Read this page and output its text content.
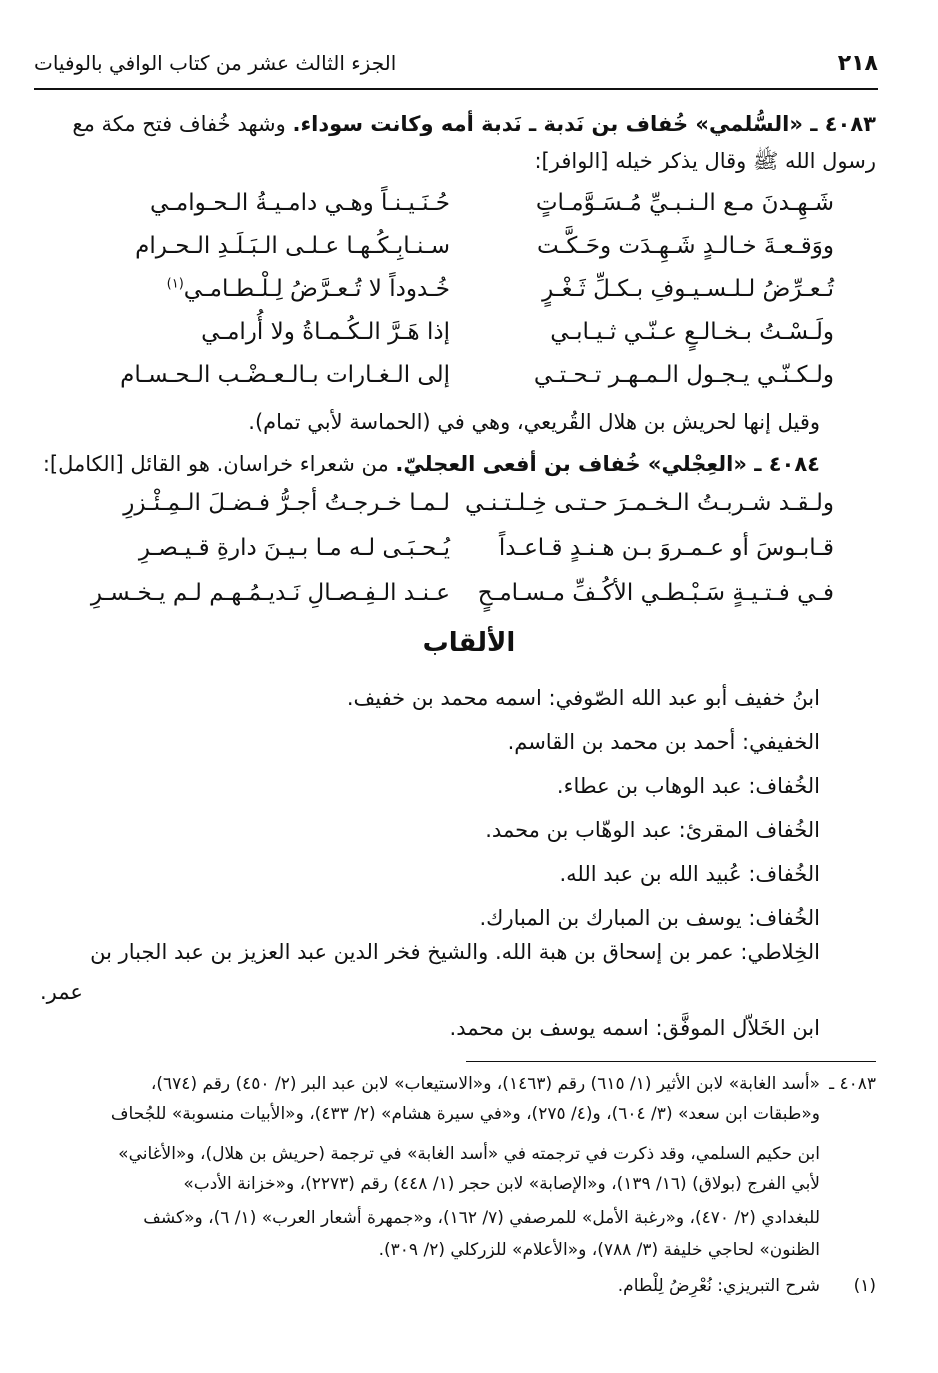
٢١٨
الجزء الثالث عشر من كتاب الوافي بالوفيات
٤٠٨٣ ـ «السُّلمي» خُفاف بن نَدبة ـ نَدبة أمه وكانت سوداء. وشهد خُفاف فتح مكة مع
رسول الله ﷺ وقال يذكر خيله [الوافر]:
شَـهِـدنَ مـع الـنـبـيِّ مُـسَـوَّمـاتٍ
حُـنَـيـنـاً وهـي دامـيـةُ الـحـوامـي
ووَقـعـةَ خـالـدٍ شَـهِـدَت وحَـكَّـت
سـنـابِـكُـهـا عـلـى الـبَـلَـدِ الـحـرام
تُـعـرِّضُ لـلـسـيـوفِ بـكـلِّ ثَـغْـرٍ
خُـدوداً لا تُـعـرَّضُ لِـلْـطـامـي$^{(١)}$
ولَـسْـتُ بـخـالـعٍ عـنّـي ثـيـابـي
إذا هَـرَّ الـكُـمـاةُ ولا أُرامـي
ولـكـنّـي يـجـول الـمـهـر تـحـتـي
إلى الـغـارات بـالـعـضْـب الـحـسـام
وقيل إنها لحريش بن هلال القُريعي، وهي في (الحماسة لأبي تمام).
٤٠٨٤ ـ «العِجْلي» خُفاف بن أفعى العجليّ. من شعراء خراسان. هو القائل [الكامل]:
ولـقـد شـربـتُ الـخـمـرَ حـتـى خِـلـتـنـي
لـمـا خـرجـتُ أجـرُّ فـضـلَ الـمِـئْـزرِ
قـابـوسَ أو عـمـروَ بـن هـنـدٍ قـاعـداً
يُـحـبَـى لـه مـا بـيـنَ دارةِ قـيـصـرِ
فـي فـتـيـةٍ سَـبْـطـي الأكُـفِّ مـسـامـحٍ
عـنـد الـفِـصـالِ نَـديـمُـهـم لـم يـخـسـرِ
الألقاب
ابنُ خفيف أبو عبد الله الصّوفي: اسمه محمد بن خفيف.
الخفيفي: أحمد بن محمد بن القاسم.
الخُفاف: عبد الوهاب بن عطاء.
الخُفاف المقرئ: عبد الوهّاب بن محمد.
الخُفاف: عُبيد الله بن عبد الله.
الخُفاف: يوسف بن المبارك بن المبارك.
الخِلاطي: عمر بن إسحاق بن هبة الله. والشيخ فخر الدين عبد العزيز بن عبد الجبار بن
عمر.
ابن الخَلاّل الموفَّق: اسمه يوسف بن محمد.
٤٠٨٣ ـ
«أسد الغابة» لابن الأثير (١/ ٦١٥) رقم (١٤٦٣)، و«الاستيعاب» لابن عبد البر (٢/ ٤٥٠) رقم (٦٧٤)،
و«طبقات ابن سعد» (٣/ ٦٠٤)، و(٤/ ٢٧٥)، و«في سيرة هشام» (٢/ ٤٣٣)، و«الأبيات منسوبة» للجُحاف
ابن حكيم السلمي، وقد ذكرت في ترجمته في «أسد الغابة» في ترجمة (حريش بن هلال)، و«الأغاني»
لأبي الفرج (بولاق) (١٦/ ١٣٩)، و«الإصابة» لابن حجر (١/ ٤٤٨) رقم (٢٢٧٣)، و«خزانة الأدب»
للبغدادي (٢/ ٤٧٠)، و«رغبة الأمل» للمرصفي (٧/ ١٦٢)، و«جمهرة أشعار العرب» (١/ ٦)، و«كشف
الظنون» لحاجي خليفة (٣/ ٧٨٨)، و«الأعلام» للزركلي (٢/ ٣٠٩).
(١)
شرح التبريزي: نُعْرِضُ لِلْطام.
